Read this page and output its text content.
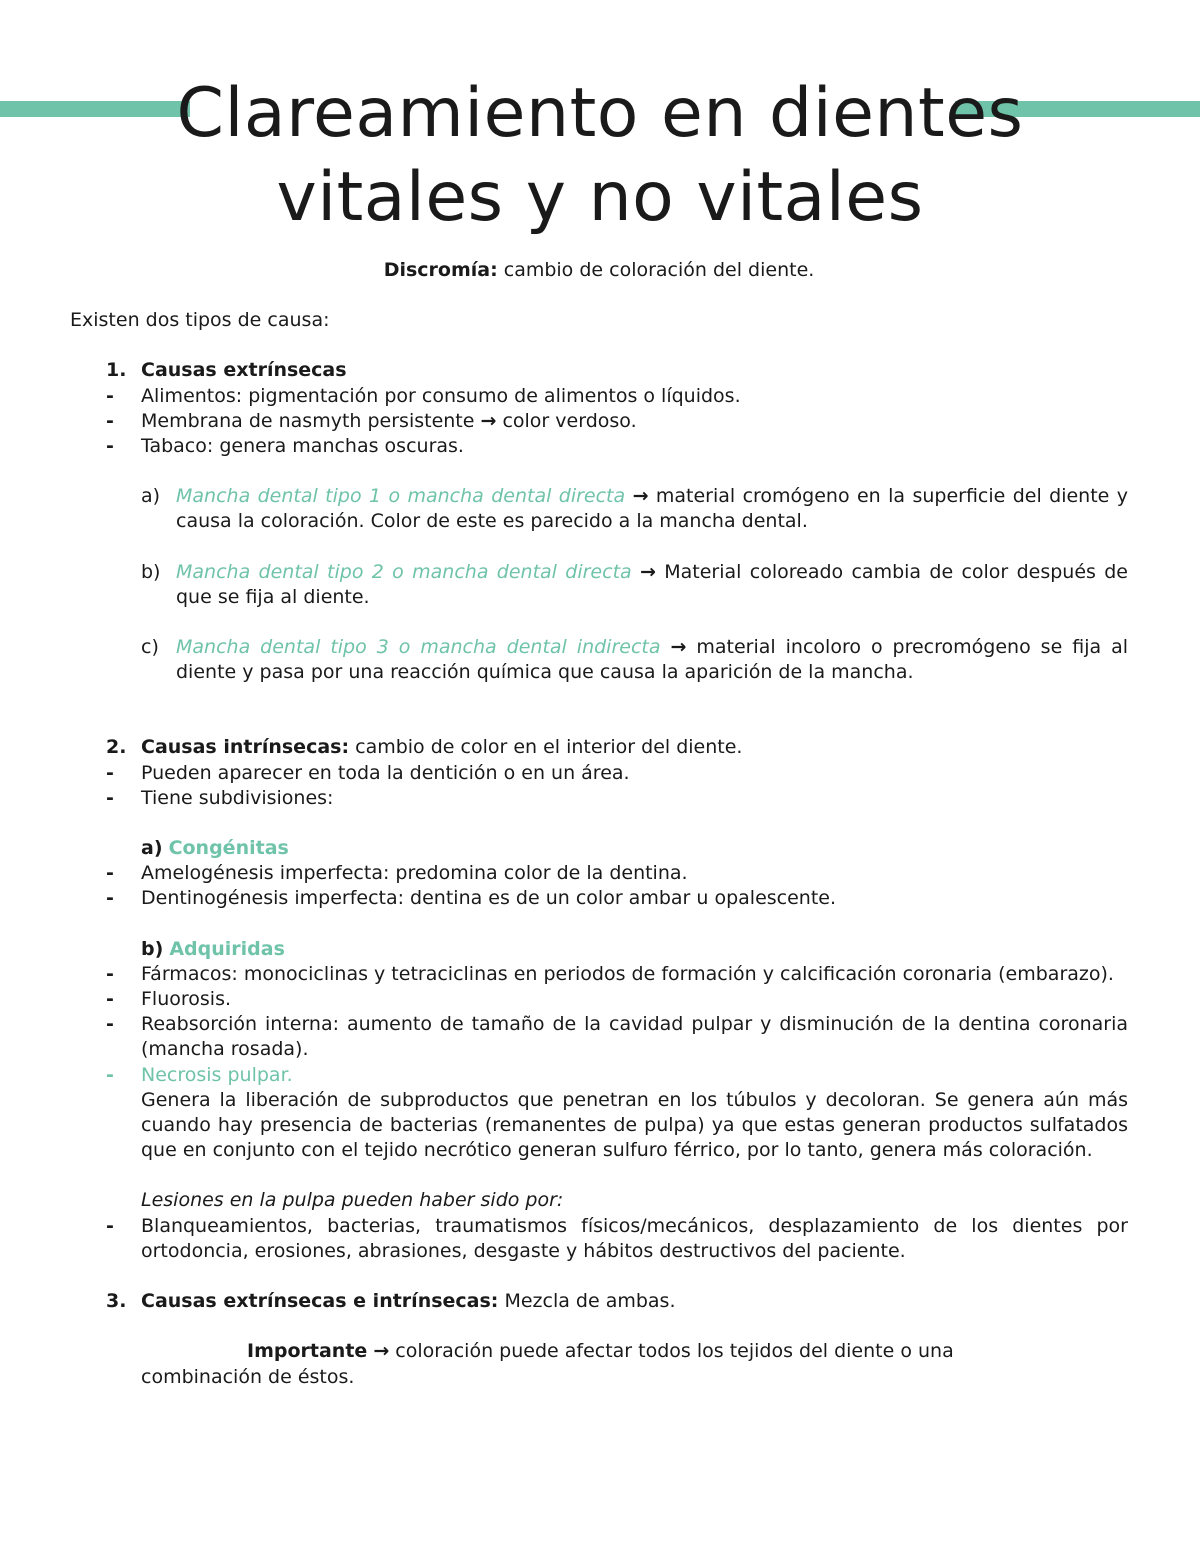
Clareamiento en dientes
vitales y no vitales

Discromía: cambio de coloración del diente.

Existen dos tipos de causa:

1. Causas extrínsecas

- Alimentos: pigmentación por consumo de alimentos o líquidos.

- Membrana de nasmyth persistente → color verdoso.

- Tabaco: genera manchas oscuras.

a) Mancha dental tipo 1 o mancha dental directa → material cromógeno en la superficie del diente y causa la coloración. Color de este es parecido a la mancha dental.

b) Mancha dental tipo 2 o mancha dental directa → Material coloreado cambia de color después de que se fija al diente.

c) Mancha dental tipo 3 o mancha dental indirecta → material incoloro o precromógeno se fija al diente y pasa por una reacción química que causa la aparición de la mancha.

2. Causas intrínsecas: cambio de color en el interior del diente.

- Pueden aparecer en toda la dentición o en un área.

- Tiene subdivisiones:

a) Congénitas

- Amelogénesis imperfecta: predomina color de la dentina.

- Dentinogénesis imperfecta: dentina es de un color ambar u opalescente.

b) Adquiridas

- Fármacos: monociclinas y tetraciclinas en periodos de formación y calcificación coronaria (embarazo).

- Fluorosis.

- Reabsorción interna: aumento de tamaño de la cavidad pulpar y disminución de la dentina coronaria (mancha rosada).

- Necrosis pulpar.

Genera la liberación de subproductos que penetran en los túbulos y decoloran. Se genera aún más cuando hay presencia de bacterias (remanentes de pulpa) ya que estas generan productos sulfatados que en conjunto con el tejido necrótico generan sulfuro férrico, por lo tanto, genera más coloración.

Lesiones en la pulpa pueden haber sido por:

- Blanqueamientos, bacterias, traumatismos físicos/mecánicos, desplazamiento de los dientes por ortodoncia, erosiones, abrasiones, desgaste y hábitos destructivos del paciente.

3. Causas extrínsecas e intrínsecas: Mezcla de ambas.

Importante → coloración puede afectar todos los tejidos del diente o una

combinación de éstos.
